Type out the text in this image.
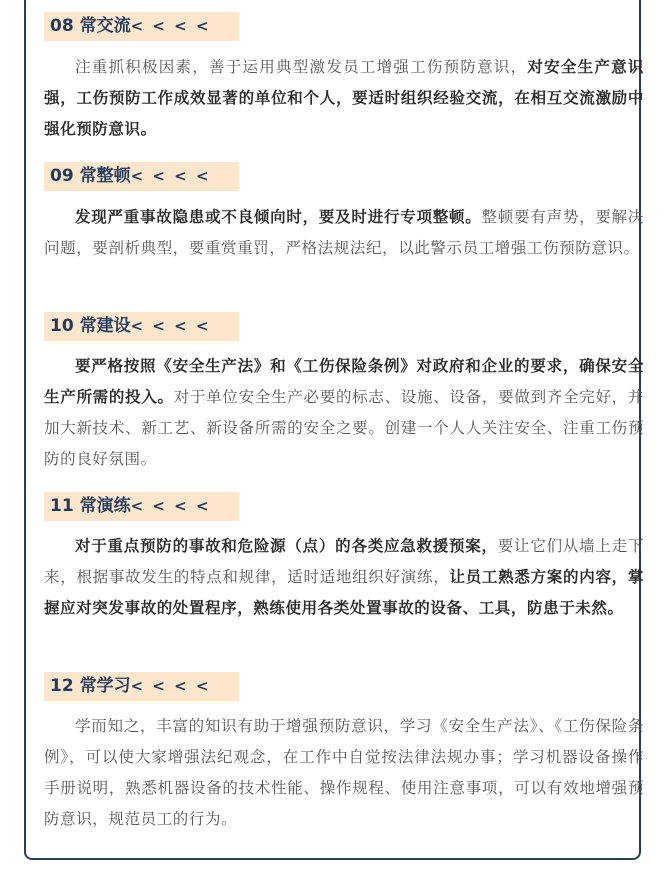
08 常交流< < < <

注重抓积极因素，善于运用典型激发员工增强工伤预防意识，对安全生产意识强，工伤预防工作成效显著的单位和个人，要适时组织经验交流，在相互交流激励中强化预防意识。

09 常整顿< < < <

发现严重事故隐患或不良倾向时，要及时进行专项整顿。整顿要有声势，要解决问题，要剖析典型，要重赏重罚，严格法规法纪，以此警示员工增强工伤预防意识。

10 常建设< < < <

要严格按照《安全生产法》和《工伤保险条例》对政府和企业的要求，确保安全生产所需的投入。对于单位安全生产必要的标志、设施、设备，要做到齐全完好，并加大新技术、新工艺、新设备所需的安全之要。创建一个人人关注安全、注重工伤预防的良好氛围。

11 常演练< < < <

对于重点预防的事故和危险源（点）的各类应急救援预案，要让它们从墙上走下来，根据事故发生的特点和规律，适时适地组织好演练，让员工熟悉方案的内容，掌握应对突发事故的处置程序，熟练使用各类处置事故的设备、工具，防患于未然。

12 常学习< < < <

学而知之，丰富的知识有助于增强预防意识，学习《安全生产法》、《工伤保险条例》，可以使大家增强法纪观念，在工作中自觉按法律法规办事；学习机器设备操作手册说明，熟悉机器设备的技术性能、操作规程、使用注意事项，可以有效地增强预防意识，规范员工的行为。
